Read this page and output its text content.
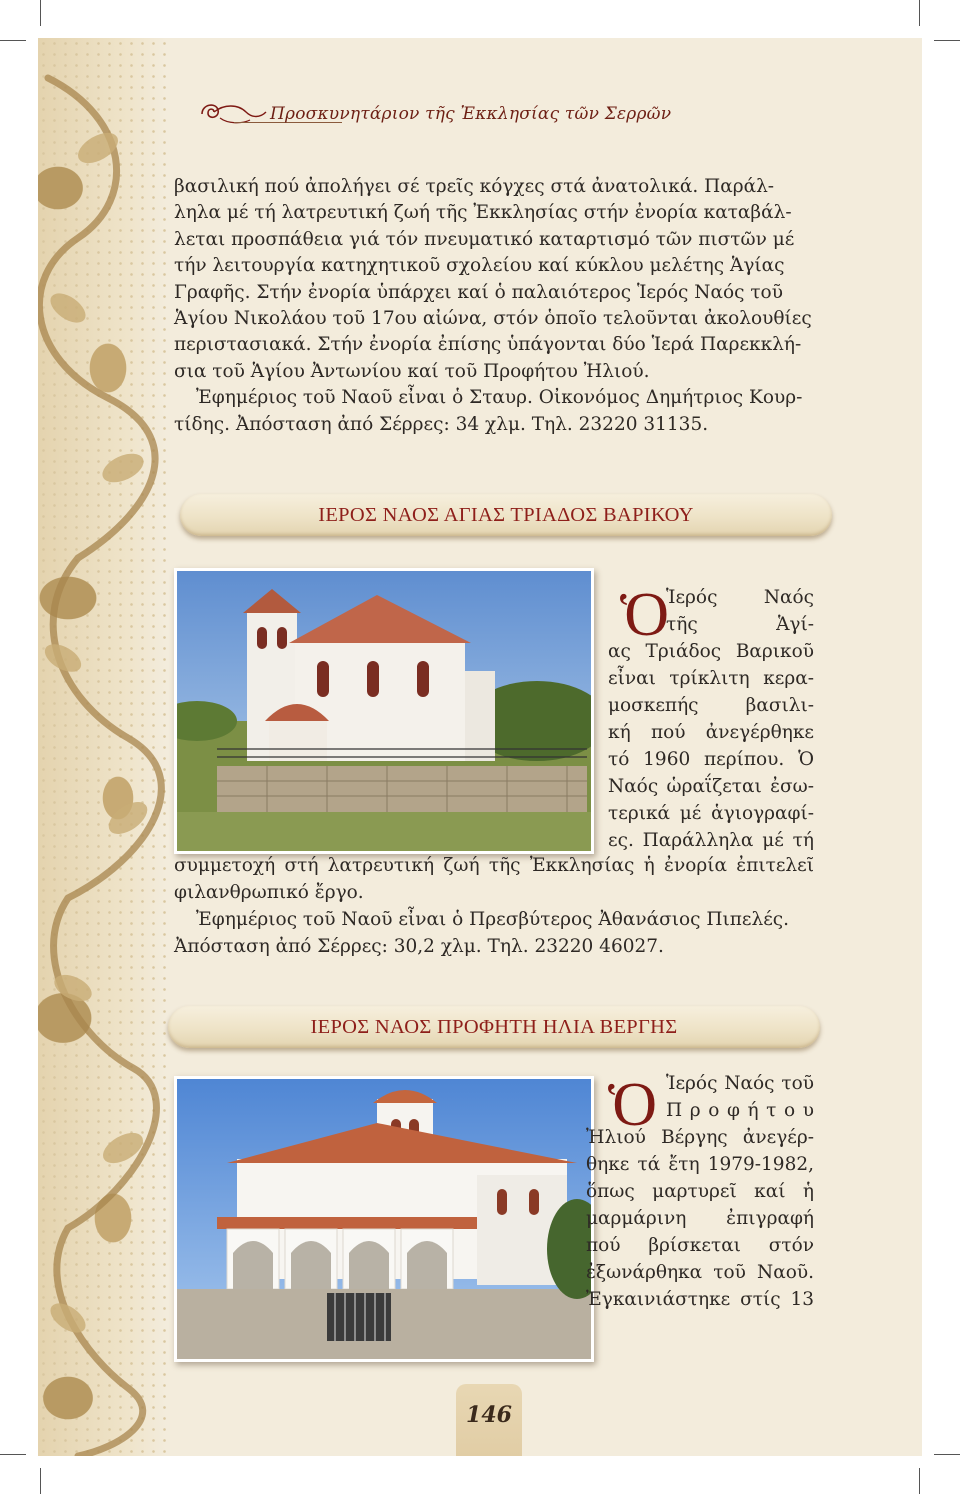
Προσκυνητάριον τῆς Ἐκκλησίας τῶν Σερρῶν

βασιλική πού ἀπολήγει σέ τρεῖς κόγχες στά ἀνατολικά. Παράλ-

ληλα μέ τή λατρευτική ζωή τῆς Ἐκκλησίας στήν ἐνορία καταβάλ-

λεται προσπάθεια γιά τόν πνευματικό καταρτισμό τῶν πιστῶν μέ

τήν λειτουργία κατηχητικοῦ σχολείου καί κύκλου μελέτης Ἁγίας

Γραφῆς. Στήν ἐνορία ὑπάρχει καί ὁ παλαιότερος Ἱερός Ναός τοῦ

Ἁγίου Νικολάου τοῦ 17ου αἰώνα, στόν ὁποῖο τελοῦνται ἀκολουθίες

περιστασιακά. Στήν ἐνορία ἐπίσης ὑπάγονται δύο Ἱερά Παρεκκλή-

σια τοῦ Ἁγίου Ἀντωνίου καί τοῦ Προφήτου Ἠλιού.

Ἐφημέριος τοῦ Ναοῦ εἶναι ὁ Σταυρ. Οἰκονόμος Δημήτριος Κουρ-

τίδης. Ἀπόσταση ἀπό Σέρρες: 34 χλμ. Τηλ. 23220 31135.

ΙΕΡΟΣ ΝΑΟΣ ΑΓΙΑΣ ΤΡΙΑΔΟΣ ΒΑΡΙΚΟΥ
Ὁ
Ἱερός Ναός
τῆς Ἁγί-
ας Τριάδος Βαρικοῦ
εἶναι τρίκλιτη κερα-
μοσκεπής βασιλι-
κή πού ἀνεγέρθηκε
τό 1960 περίπου. Ὁ
Ναός ὡραΐζεται ἐσω-
τερικά μέ ἁγιογραφί-
ες. Παράλληλα μέ τή

συμμετοχή στή λατρευτική ζωή τῆς Ἐκκλησίας ἡ ἐνορία ἐπιτελεῖ

φιλανθρωπικό ἔργο.

Ἐφημέριος τοῦ Ναοῦ εἶναι ὁ Πρεσβύτερος Ἀθανάσιος Πιπελές.

Ἀπόσταση ἀπό Σέρρες: 30,2 χλμ. Τηλ. 23220 46027.

ΙΕΡΟΣ ΝΑΟΣ ΠΡΟΦΗΤΗ ΗΛΙΑ ΒΕΡΓΗΣ
Ὁ Ἱερός Ναός τοῦ
Π ρ ο φ ή τ ο υ
Ἠλιού Βέργης ἀνεγέρ-
θηκε τά ἔτη 1979-1982,
ὅπως μαρτυρεῖ καί ἡ
μαρμάρινη ἐπιγραφή
πού βρίσκεται στόν
ἐξωνάρθηκα τοῦ Ναοῦ.
Ἐγκαινιάστηκε στίς 13
146
